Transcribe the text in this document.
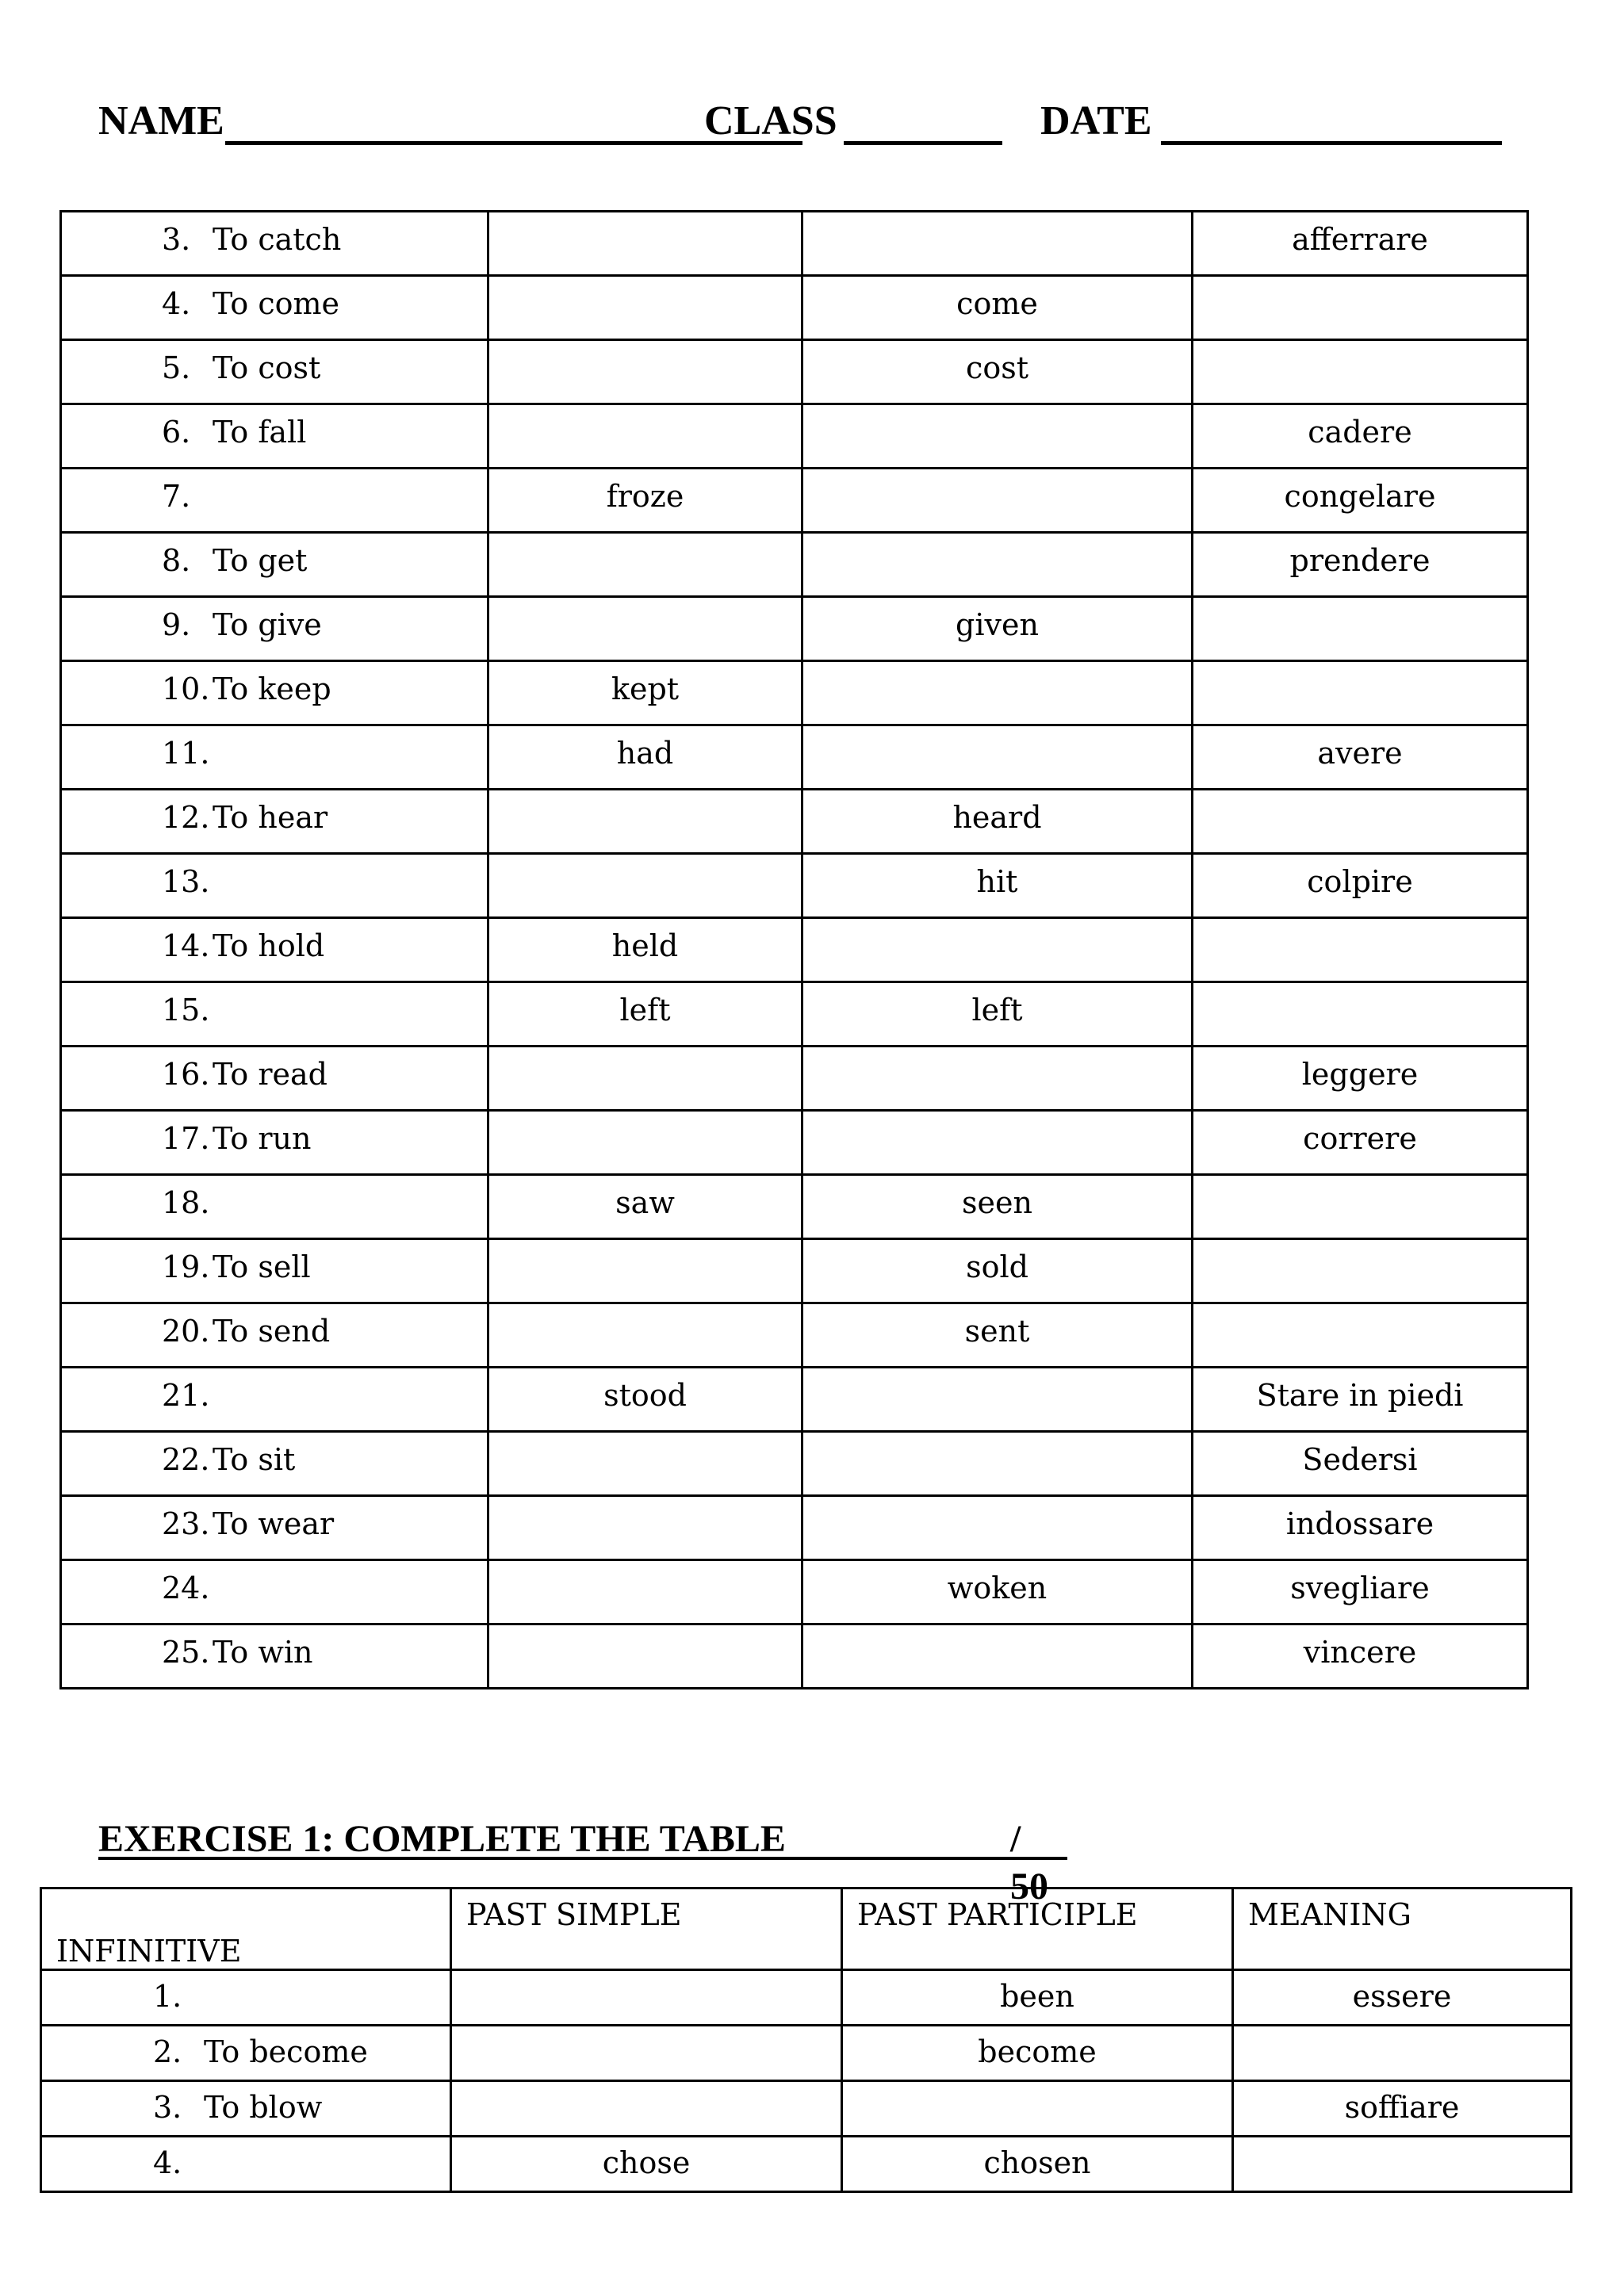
NAME	CLASS	DATE
3. To catch			afferrare

4. To come		come	

5. To cost		cost	

6. To fall			cadere

7.	froze		congelare

8. To get			prendere

9. To give		given	

10.To keep	kept		

11.	had		avere

12.To hear		heard	

13.		hit	colpire

14.To hold	held		

15.	left	left	

16.To read			leggere

17.To run			correre

18.	saw	seen	

19.To sell		sold	

20.To send		sent	

21.	stood		Stare in piedi

22.To sit			Sedersi

23.To wear			indossare

24.		woken	svegliare

25.To win			vincere
EXERCISE 1: COMPLETE THE TABLE	/ 50
INFINITIVE	PAST SIMPLE	PAST PARTICIPLE	MEANING

1.		been	essere

2. To become		become	

3. To blow			soffiare

4.	chose	chosen	
